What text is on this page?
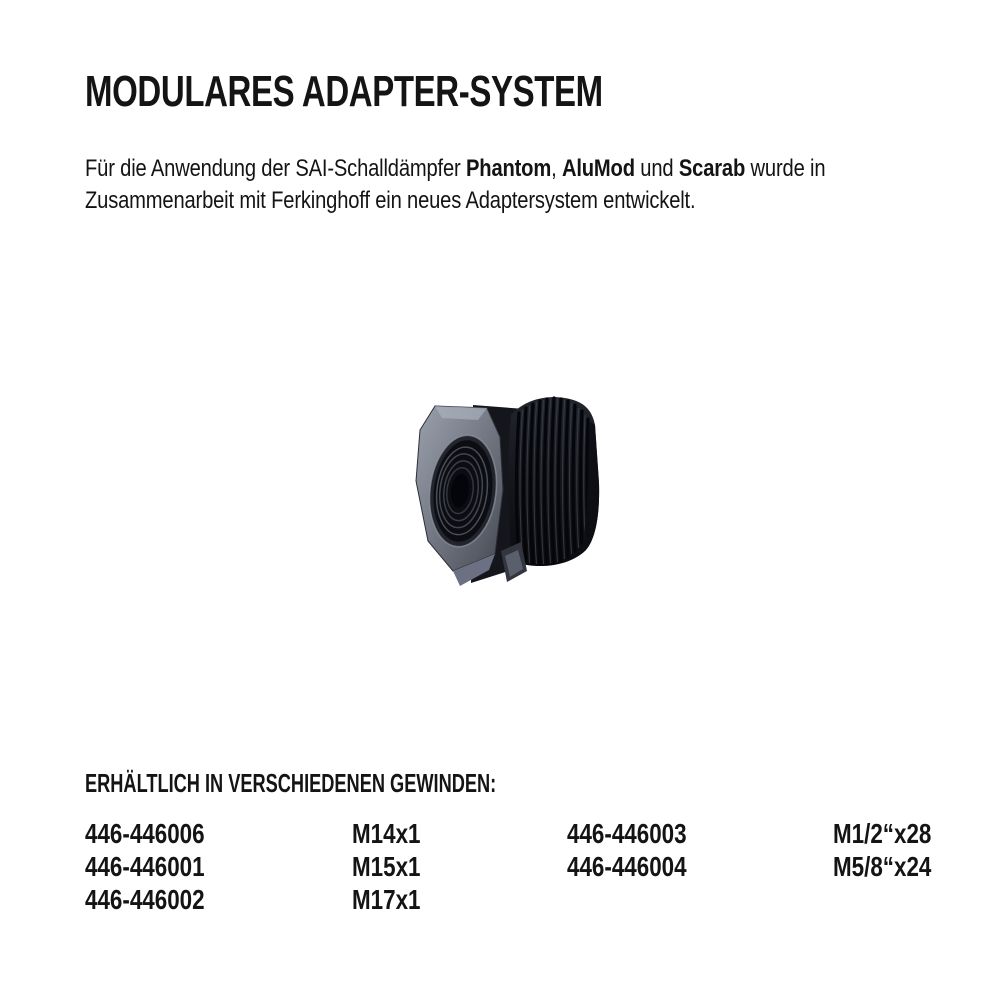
MODULARES ADAPTER-SYSTEM

Für die Anwendung der SAI-Schalldämpfer Phantom, AluMod und Scarab wurde in Zusammenarbeit mit Ferkinghoff ein neues Adaptersystem entwickelt.

ERHÄLTLICH IN VERSCHIEDENEN GEWINDEN:
446-446006	M14x1	446-446003	M1/2“x28
446-446001	M15x1	446-446004	M5/8“x24
446-446002	M17x1
